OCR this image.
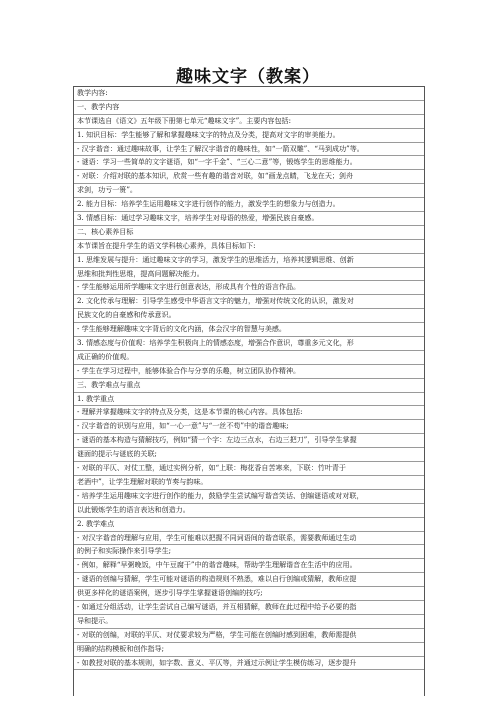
趣味文字（教案）
教学内容:
一、教学内容
本节课选自《语文》五年级下册第七单元“趣味文字”。主要内容包括:
1. 知识目标：学生能够了解和掌握趣味文字的特点及分类，提高对文字的审美能力。
- 汉字谐音：通过趣味故事，让学生了解汉字谐音的趣味性，如“一箭双雕”、“马到成功”等。
- 谜语：学习一些简单的文字谜语，如“一字千金”、“三心二意”等，锻炼学生的思维能力。
- 对联：介绍对联的基本知识，欣赏一些有趣的谐音对联，如“画龙点睛，飞龙在天；剑舟
求剑，功亏一篑”。
2. 能力目标：培养学生运用趣味文字进行创作的能力，激发学生的想象力与创造力。
3. 情感目标：通过学习趣味文字，培养学生对母语的热爱，增强民族自豪感。
二、核心素养目标
本节课旨在提升学生的语文学科核心素养，具体目标如下:
1. 思维发展与提升：通过趣味文字的学习，激发学生的思维活力，培养其逻辑思维、创新
思维和批判性思维，提高问题解决能力。
- 学生能够运用所学趣味文字进行创意表达，形成具有个性的语言作品。
2. 文化传承与理解：引导学生感受中华语言文字的魅力，增强对传统文化的认识，激发对
民族文化的自豪感和传承意识。
- 学生能够理解趣味文字背后的文化内涵，体会汉字的智慧与美感。
3. 情感态度与价值观：培养学生积极向上的情感态度，增强合作意识，尊重多元文化，形
成正确的价值观。
- 学生在学习过程中，能够体验合作与分享的乐趣，树立团队协作精神。
三、教学难点与重点
1. 教学重点
- 理解并掌握趣味文字的特点及分类，这是本节课的核心内容。具体包括:
- 汉字谐音的识别与应用，如“一心一意”与“一丝不苟”中的谐音趣味;
- 谜语的基本构造与猜解技巧，例如“猜一个字：左边三点水，右边三把刀”，引导学生掌握
谜面的提示与谜底的关联;
- 对联的平仄、对仗工整，通过实例分析，如“上联：梅花香自苦寒来，下联：竹叶青于
老酒中”，让学生理解对联的节奏与韵味。
- 培养学生运用趣味文字进行创作的能力，鼓励学生尝试编写谐音笑话、创编谜语或对对联，
以此锻炼学生的语言表达和创造力。
2. 教学难点
- 对汉字谐音的理解与应用，学生可能难以把握不同词语间的谐音联系，需要教师通过生动
的例子和实际操作来引导学生;
- 例如，解释“早粥晚饭，中午豆腐干”中的谐音趣味，帮助学生理解谐音在生活中的应用。
- 谜语的创编与猜解，学生可能对谜语的构造规则不熟悉，难以自行创编或猜解，教师应提
供更多样化的谜语案例，逐步引导学生掌握谜语创编的技巧;
- 如通过分组活动，让学生尝试自己编写谜语，并互相猜解，教师在此过程中给予必要的指
导和提示。
- 对联的创编，对联的平仄、对仗要求较为严格，学生可能在创编时感到困难，教师需提供
明确的结构模板和创作指导;
- 如教授对联的基本规则，如字数、意义、平仄等，并通过示例让学生模仿练习，逐步提升
